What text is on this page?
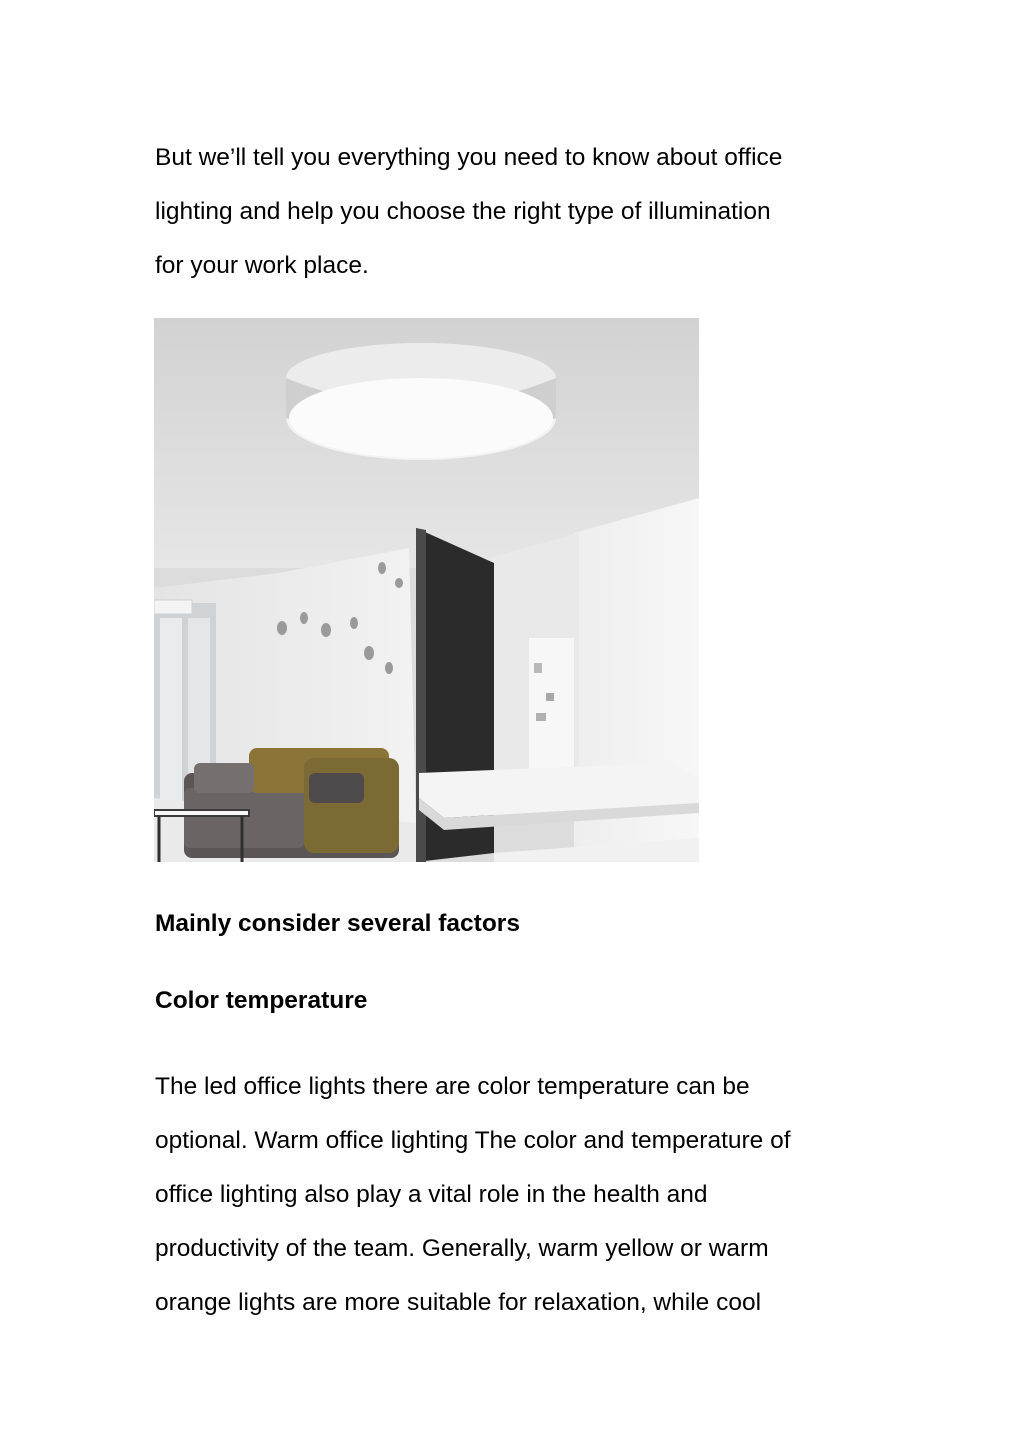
But we’ll tell you everything you need to know about office
lighting and help you choose the right type of illumination
for your work place.

Mainly consider several factors
Color temperature

The led office lights there are color temperature can be
optional. Warm office lighting The color and temperature of
office lighting also play a vital role in the health and
productivity of the team. Generally, warm yellow or warm
orange lights are more suitable for relaxation, while cool
